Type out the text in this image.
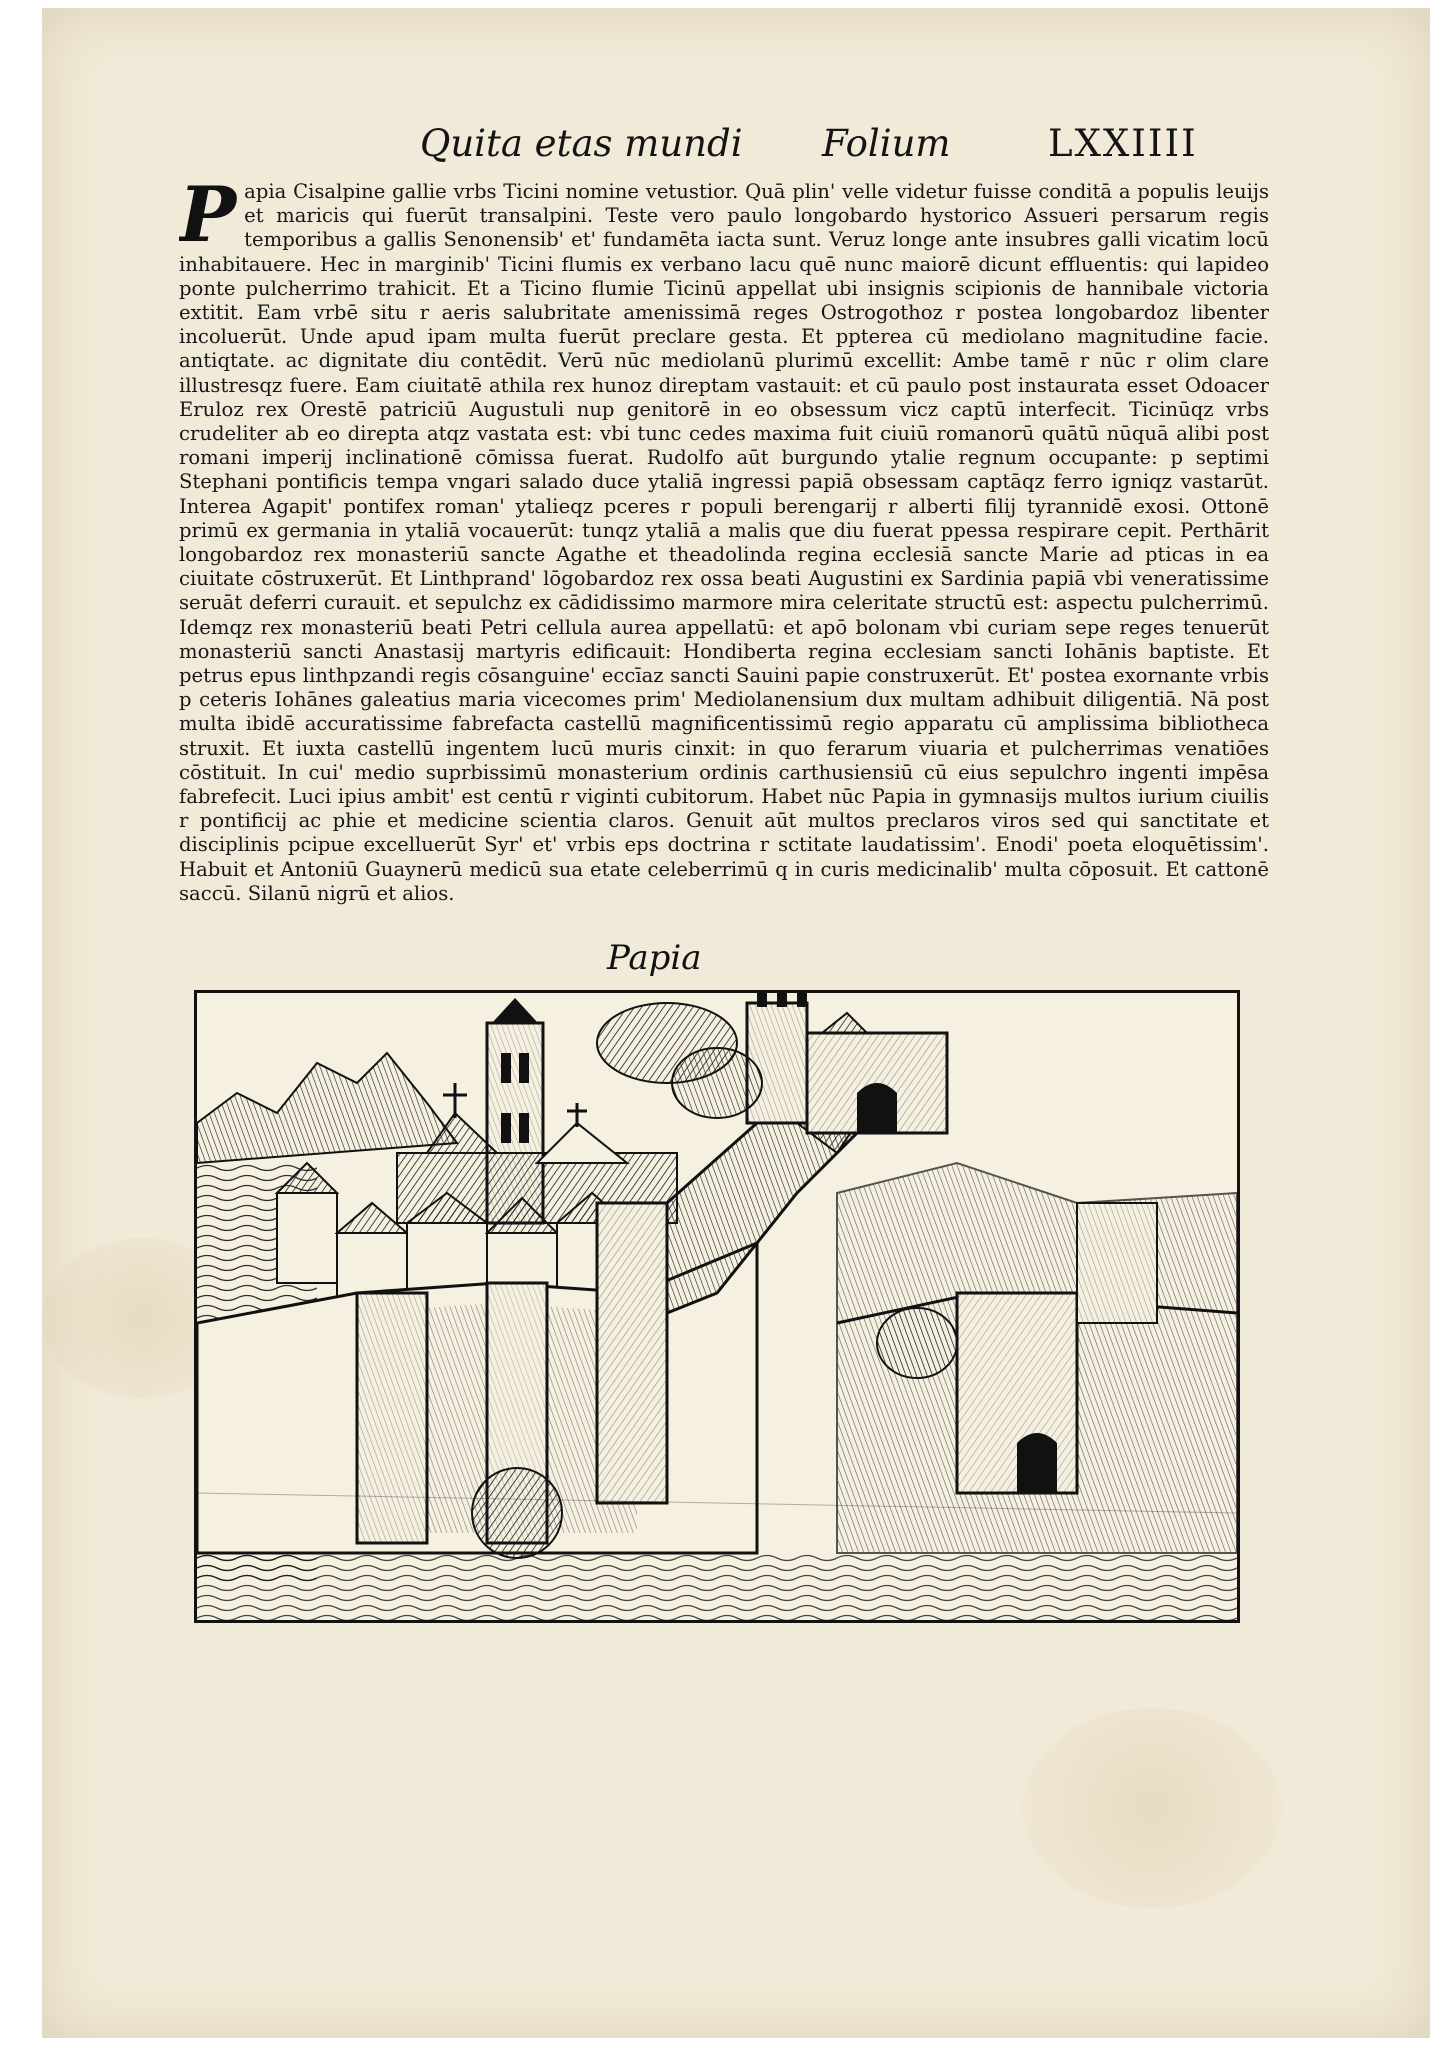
Quita etas mundi Folium	LXXIIII

Papia Cisalpine gallie vrbs Ticini nomine vetustior. Quā plin' velle videtur fuisse conditā a populis leuijs et maricis qui fuerūt transalpini. Teste vero paulo longobardo hystorico Assueri persarum regis temporibus a gallis Senonensib' et' fundamēta iacta sunt. Veruz longe ante insubres galli vicatim locū inhabitauere. Hec in marginib' Ticini flumis ex verbano lacu quē nunc maiorē dicunt effluentis: qui lapideo ponte pulcherrimo trahicit. Et a Ticino flumie Ticinū appellat ubi insignis scipionis de hannibale victoria extitit. Eam vrbē situ r aeris salubritate amenissimā reges Ostrogothoz r postea longobardoz libenter incoluerūt. Unde apud ipam multa fuerūt preclare gesta. Et ppterea cū mediolano magnitudine facie. antiqtate. ac dignitate diu contēdit. Verū nūc mediolanū plurimū excellit: Ambe tamē r nūc r olim clare illustresqz fuere. Eam ciuitatē athila rex hunoz direptam vastauit: et cū paulo post instaurata esset Odoacer Eruloz rex Orestē patriciū Augustuli nup genitorē in eo obsessum vicz captū interfecit. Ticinūqz vrbs crudeliter ab eo direpta atqz vastata est: vbi tunc cedes maxima fuit ciuiū romanorū quātū nūquā alibi post romani imperij inclinationē cōmissa fuerat. Rudolfo aūt burgundo ytalie regnum occupante: p septimi Stephani pontificis tempa vngari salado duce ytaliā ingressi papiā obsessam captāqz ferro igniqz vastarūt. Interea Agapit' pontifex roman' ytalieqz pceres r populi berengarij r alberti filij tyrannidē exosi. Ottonē primū ex germania in ytaliā vocauerūt: tunqz ytaliā a malis que diu fuerat ppessa respirare cepit. Perthārit longobardoz rex monasteriū sancte Agathe et theadolinda regina ecclesiā sancte Marie ad pticas in ea ciuitate cōstruxerūt. Et Linthprand' lōgobardoz rex ossa beati Augustini ex Sardinia papiā vbi veneratissime seruāt deferri curauit. et sepulchz ex cādidissimo marmore mira celeritate structū est: aspectu pulcherrimū. Idemqz rex monasteriū beati Petri cellula aurea appellatū: et apō bolonam vbi curiam sepe reges tenuerūt monasteriū sancti Anastasij martyris edificauit: Hondiberta regina ecclesiam sancti Iohānis baptiste. Et petrus epus linthpzandi regis cōsanguine' eccīaz sancti Sauini papie construxerūt. Et' postea exornante vrbis p ceteris Iohānes galeatius maria vicecomes prim' Mediolanensium dux multam adhibuit diligentiā. Nā post multa ibidē accuratissime fabrefacta castellū magnificentissimū regio apparatu cū amplissima bibliotheca struxit. Et iuxta castellū ingentem lucū muris cinxit: in quo ferarum viuaria et pulcherrimas venatiōes cōstituit. In cui' medio suprbissimū monasterium ordinis carthusiensiū cū eius sepulchro ingenti impēsa fabrefecit. Luci ipius ambit' est centū r viginti cubitorum. Habet nūc Papia in gymnasijs multos iurium ciuilis r pontificij ac phie et medicine scientia claros. Genuit aūt multos preclaros viros sed qui sanctitate et disciplinis pcipue excelluerūt Syr' et' vrbis eps doctrina r sctitate laudatissim'. Enodi' poeta eloquētissim'. Habuit et Antoniū Guaynerū medicū sua etate celeberrimū q in curis medicinalib' multa cōposuit. Et cattonē saccū. Silanū nigrū et alios.

Papia
